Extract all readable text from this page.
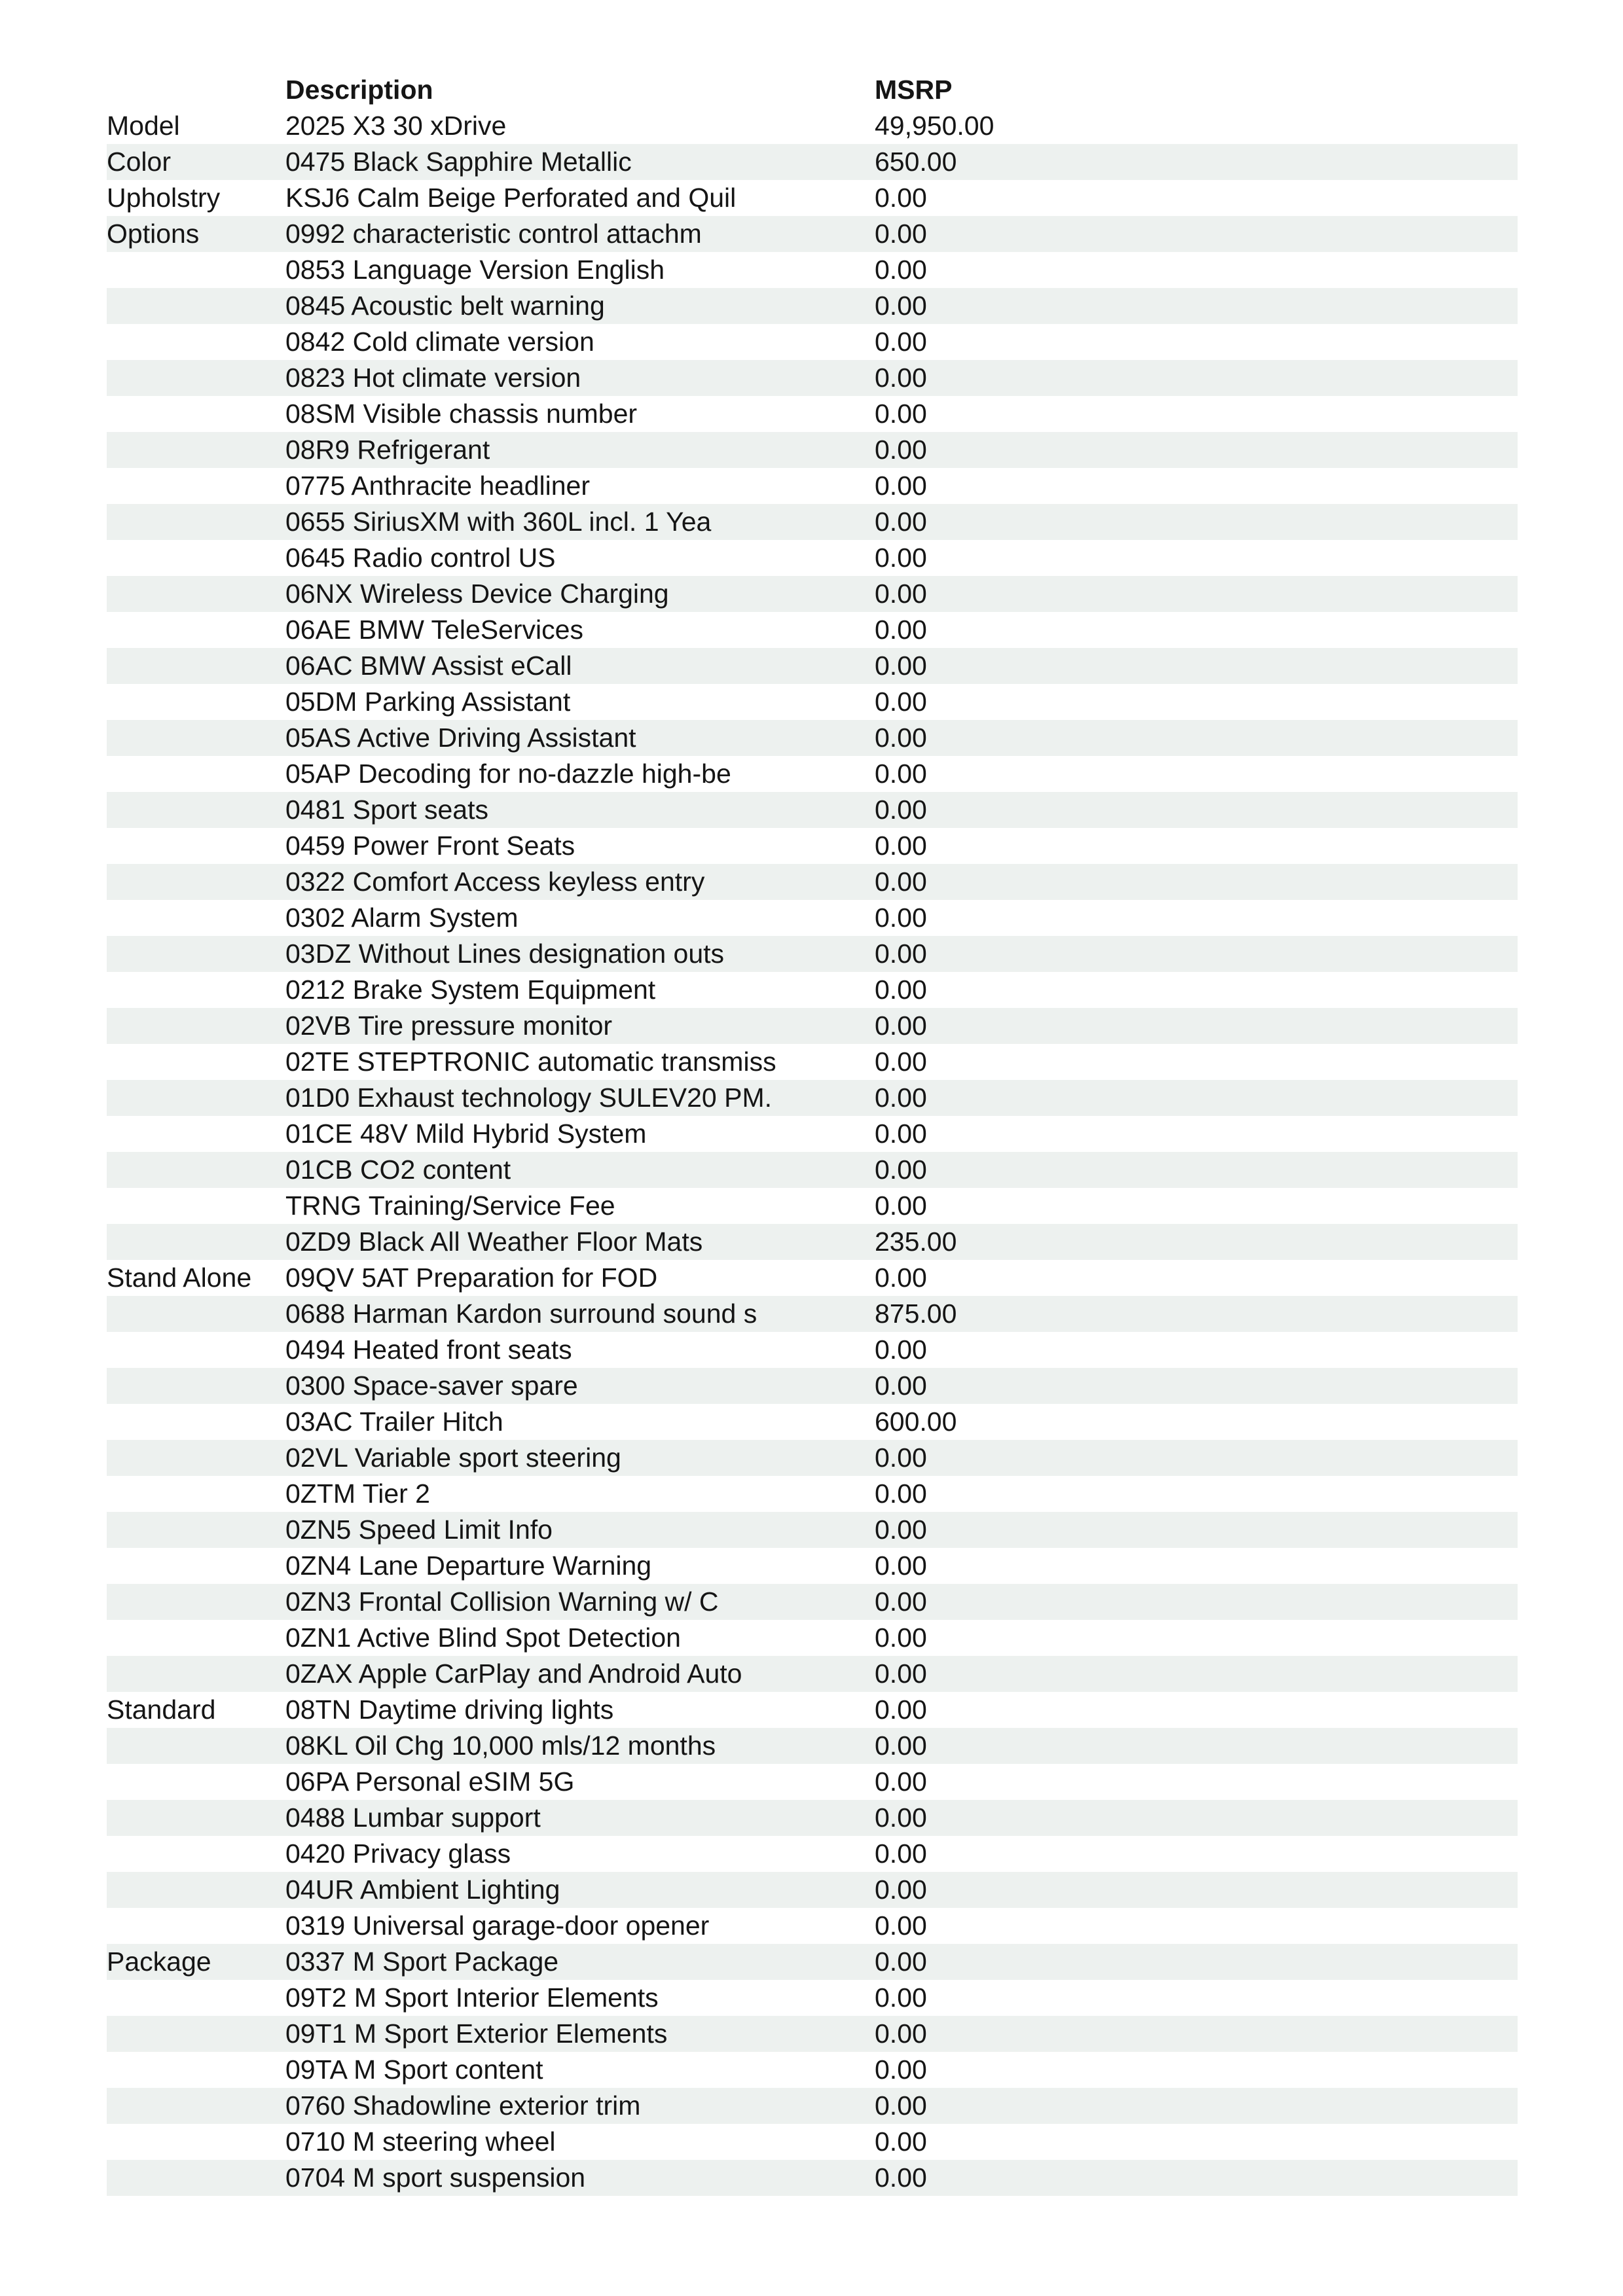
	Description	MSRP	
Model	2025 X3 30 xDrive	49,950.00	
Color	0475 Black Sapphire Metallic	650.00	
Upholstry	KSJ6 Calm Beige Perforated and Quil	0.00	
Options	0992 characteristic control attachm	0.00	
	0853 Language Version English	0.00	
	0845 Acoustic belt warning	0.00	
	0842 Cold climate version	0.00	
	0823 Hot climate version	0.00	
	08SM Visible chassis number	0.00	
	08R9 Refrigerant	0.00	
	0775 Anthracite headliner	0.00	
	0655 SiriusXM with 360L incl. 1 Yea	0.00	
	0645 Radio control US	0.00	
	06NX Wireless Device Charging	0.00	
	06AE BMW TeleServices	0.00	
	06AC BMW Assist eCall	0.00	
	05DM Parking Assistant	0.00	
	05AS Active Driving Assistant	0.00	
	05AP Decoding for no-dazzle high-be	0.00	
	0481 Sport seats	0.00	
	0459 Power Front Seats	0.00	
	0322 Comfort Access keyless entry	0.00	
	0302 Alarm System	0.00	
	03DZ Without Lines designation outs	0.00	
	0212 Brake System Equipment	0.00	
	02VB Tire pressure monitor	0.00	
	02TE STEPTRONIC automatic transmiss	0.00	
	01D0 Exhaust technology SULEV20 PM.	0.00	
	01CE 48V Mild Hybrid System	0.00	
	01CB CO2 content	0.00	
	TRNG Training/Service Fee	0.00	
	0ZD9 Black All Weather Floor Mats	235.00	
Stand Alone	09QV 5AT Preparation for FOD	0.00	
	0688 Harman Kardon surround sound s	875.00	
	0494 Heated front seats	0.00	
	0300 Space-saver spare	0.00	
	03AC Trailer Hitch	600.00	
	02VL Variable sport steering	0.00	
	0ZTM Tier 2	0.00	
	0ZN5 Speed Limit Info	0.00	
	0ZN4 Lane Departure Warning	0.00	
	0ZN3 Frontal Collision Warning w/ C	0.00	
	0ZN1 Active Blind Spot Detection	0.00	
	0ZAX Apple CarPlay and Android Auto	0.00	
Standard	08TN Daytime driving lights	0.00	
	08KL Oil Chg 10,000 mls/12 months	0.00	
	06PA Personal eSIM 5G	0.00	
	0488 Lumbar support	0.00	
	0420 Privacy glass	0.00	
	04UR Ambient Lighting	0.00	
	0319 Universal garage-door opener	0.00	
Package	0337 M Sport Package	0.00	
	09T2 M Sport Interior Elements	0.00	
	09T1 M Sport Exterior Elements	0.00	
	09TA M Sport content	0.00	
	0760 Shadowline exterior trim	0.00	
	0710 M steering wheel	0.00	
	0704 M sport suspension	0.00	
